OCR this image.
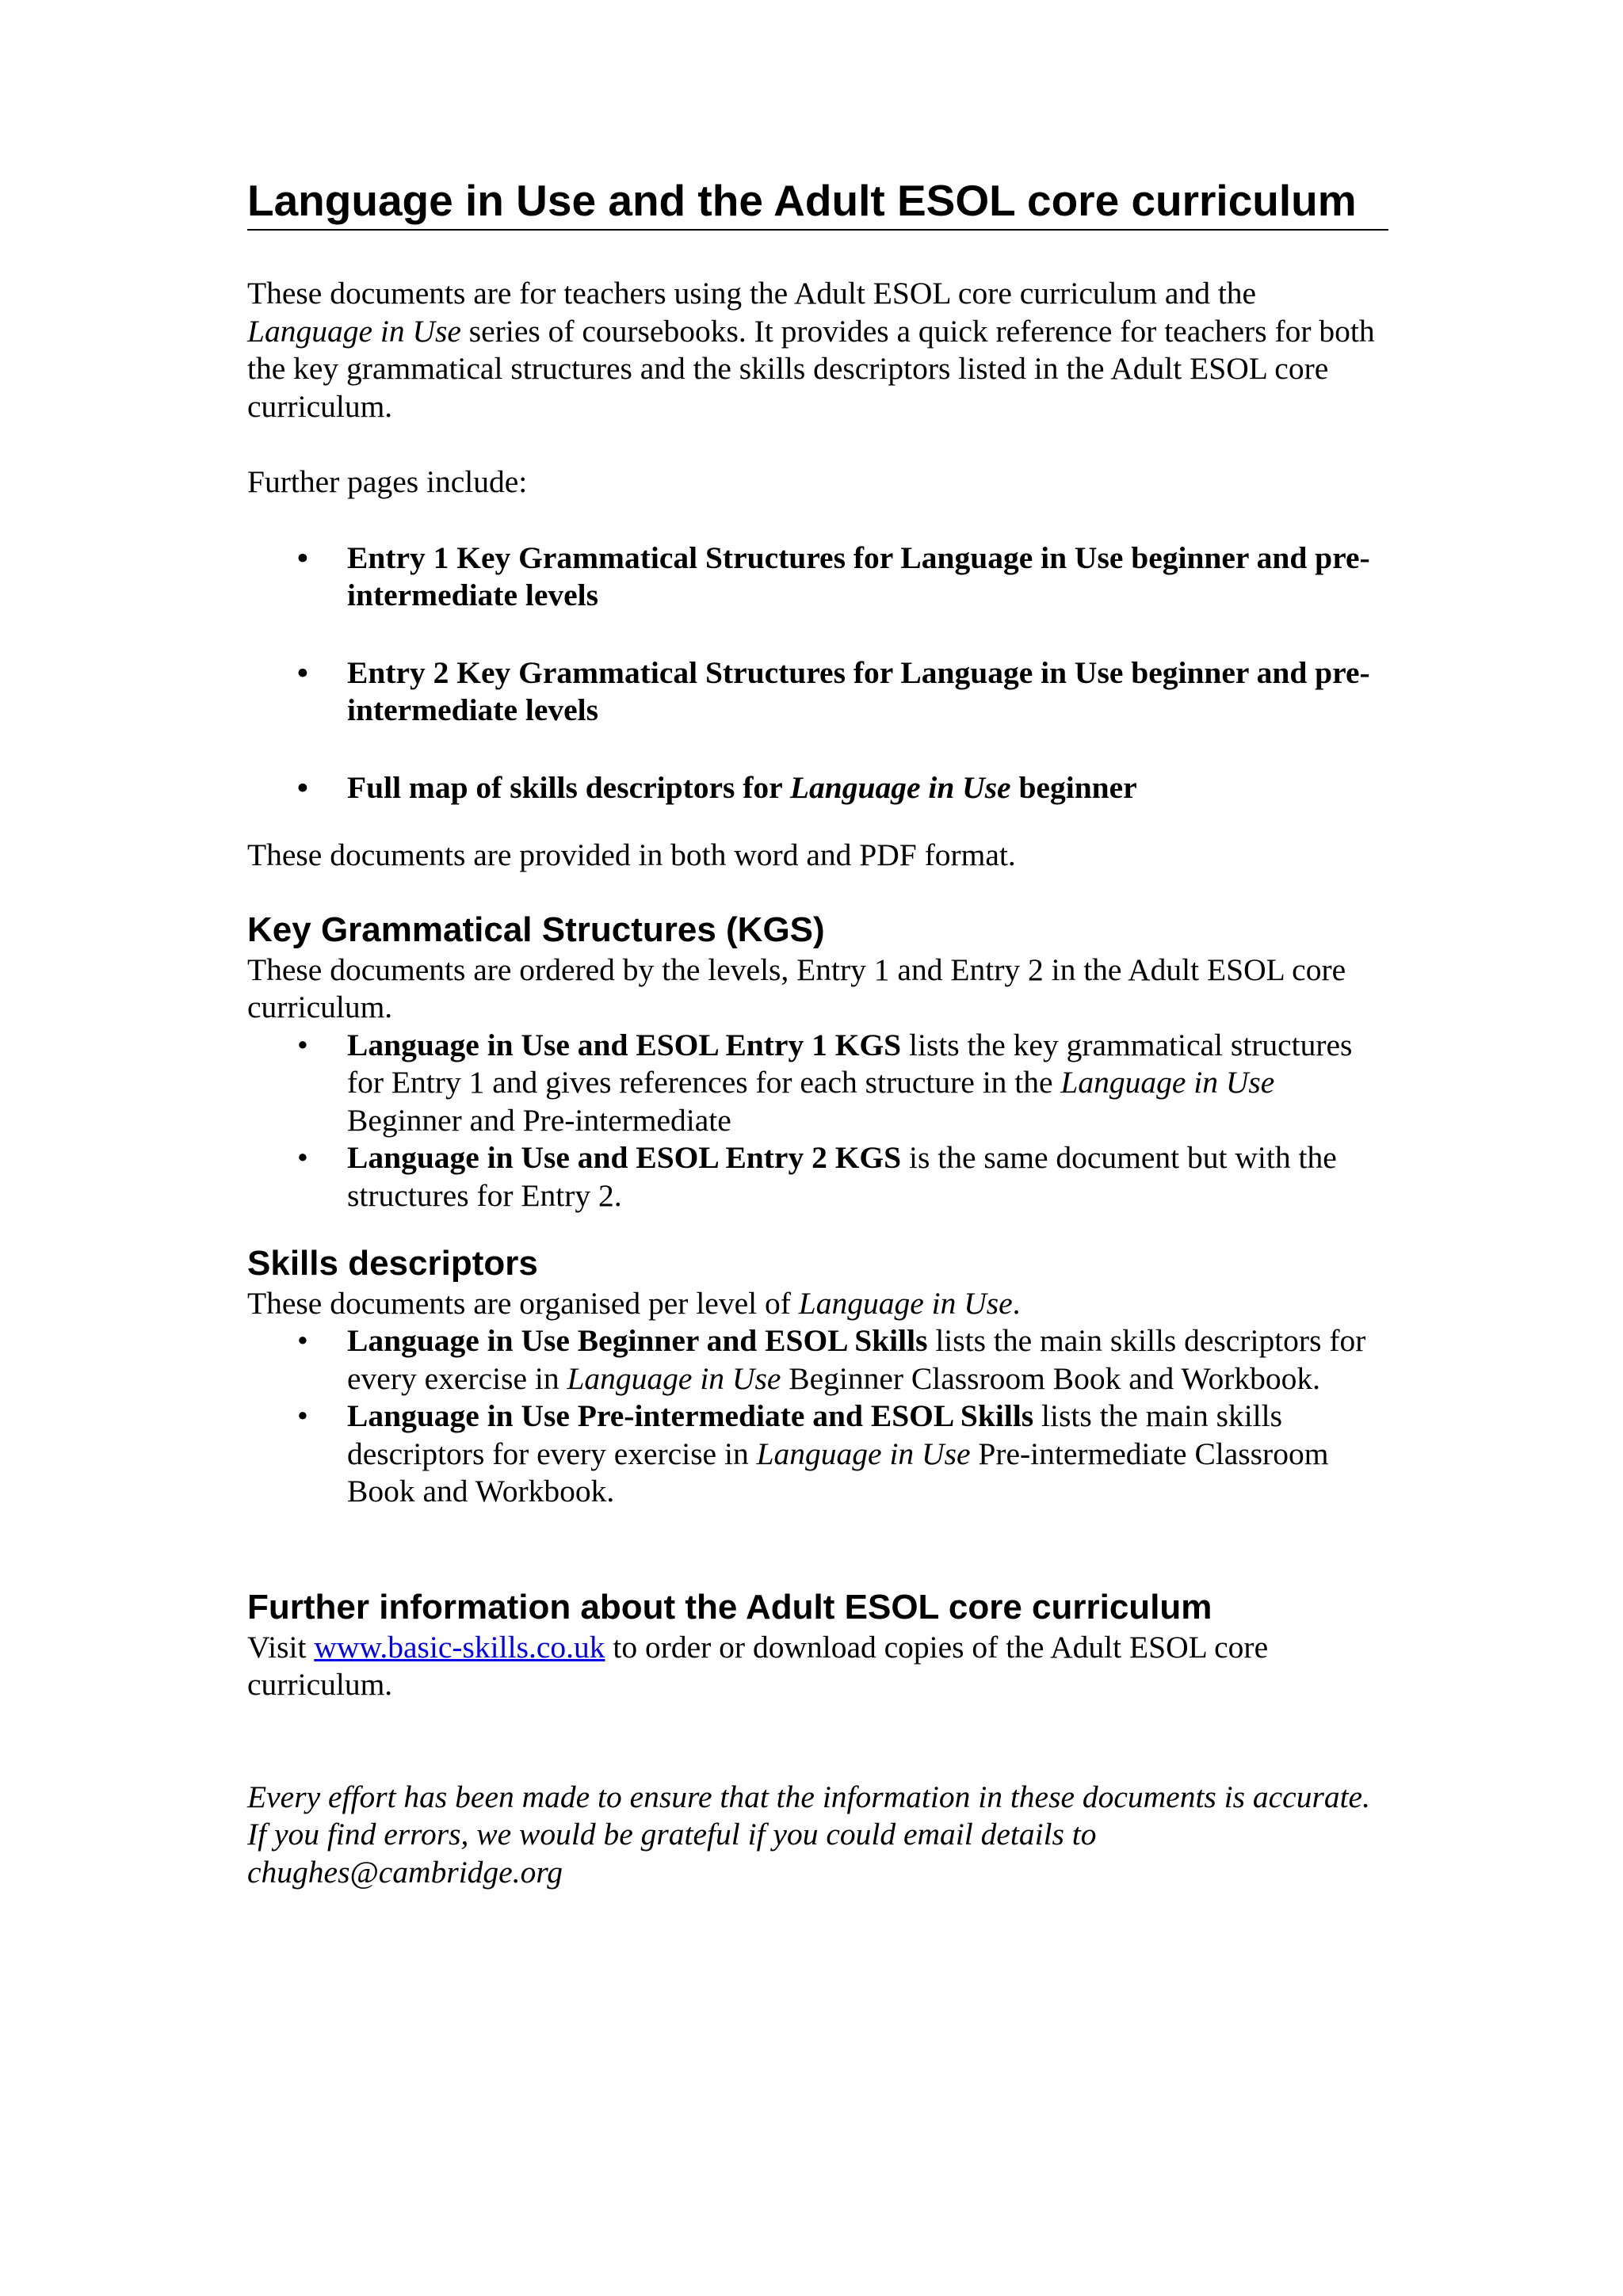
Language in Use and the Adult ESOL core curriculum

These documents are for teachers using the Adult ESOL core curriculum and the Language in Use series of coursebooks. It provides a quick reference for teachers for both the key grammatical structures and the skills descriptors listed in the Adult ESOL core curriculum.

Further pages include:

• Entry 1 Key Grammatical Structures for Language in Use beginner and pre-intermediate levels
• Entry 2 Key Grammatical Structures for Language in Use beginner and pre-intermediate levels
• Full map of skills descriptors for Language in Use beginner

These documents are provided in both word and PDF format.

Key Grammatical Structures (KGS)

These documents are ordered by the levels, Entry 1 and Entry 2 in the Adult ESOL core curriculum.

• Language in Use and ESOL Entry 1 KGS lists the key grammatical structures for Entry 1 and gives references for each structure in the Language in Use Beginner and Pre-intermediate
• Language in Use and ESOL Entry 2 KGS is the same document but with the structures for Entry 2.
Skills descriptors

These documents are organised per level of Language in Use.

• Language in Use Beginner and ESOL Skills lists the main skills descriptors for every exercise in Language in Use Beginner Classroom Book and Workbook.
• Language in Use Pre-intermediate and ESOL Skills lists the main skills descriptors for every exercise in Language in Use Pre-intermediate Classroom Book and Workbook.
Further information about the Adult ESOL core curriculum

Visit www.basic-skills.co.uk to order or download copies of the Adult ESOL core curriculum.

Every effort has been made to ensure that the information in these documents is accurate. If you find errors, we would be grateful if you could email details to chughes@cambridge.org
